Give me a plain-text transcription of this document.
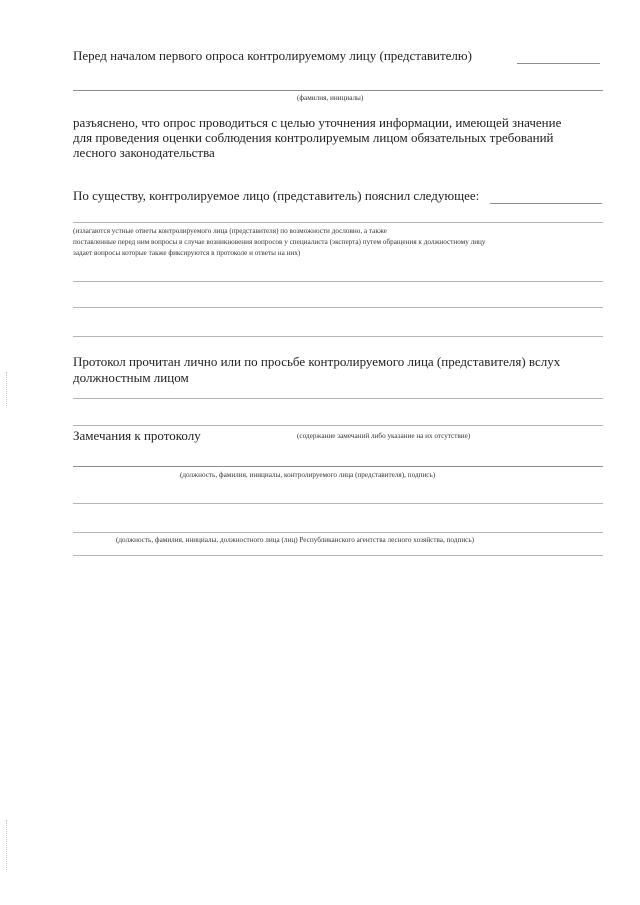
Перед началом первого опроса контролируемому лицу (представителю)
(фамилия, инициалы)
разъяснено, что опрос проводиться с целью уточнения информации, имеющей значение
для проведения оценки соблюдения контролируемым лицом обязательных требований
лесного законодательства
По существу, контролируемое лицо (представитель) пояснил следующее:
(излагаются устные ответы контролируемого лица (представителя) по возможности дословно, а также
поставленные перед ним вопросы в случае возникновения вопросов у специалиста (эксперта) путем обращения к должностному лицу
задает вопросы которые также фиксируются в протоколе и ответы на них)
Протокол прочитан лично или по просьбе контролируемого лица (представителя) вслух
должностным лицом
Замечания к протоколу	(содержание замечаний либо указание на их отсутствие)
(должность, фамилия, инициалы, контролируемого лица (представителя), подпись)
(должность, фамилия, инициалы, должностного лица (лиц) Республиканского агентства лесного хозяйства, подпись)
